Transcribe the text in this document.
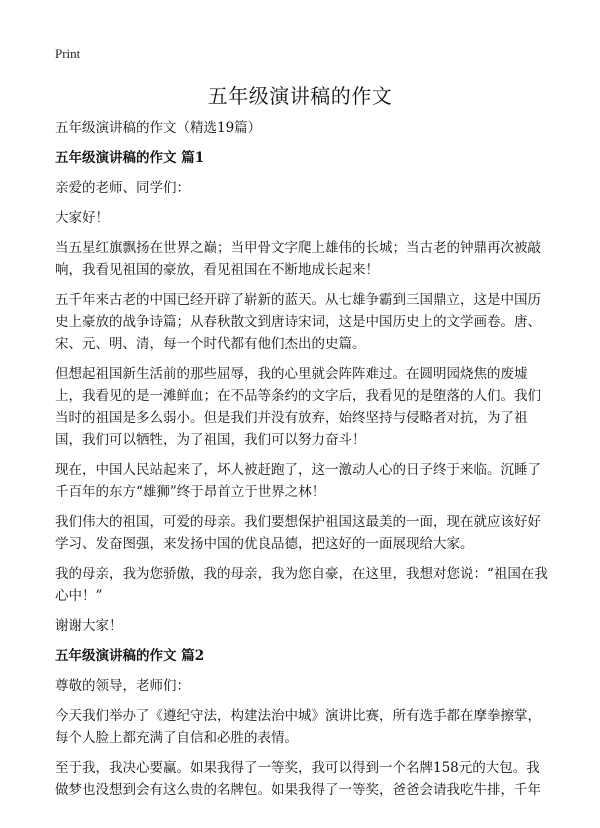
Print
五年级演讲稿的作文

五年级演讲稿的作文（精选19篇）

五年级演讲稿的作文 篇1

亲爱的老师、同学们：

大家好！

当五星红旗飘扬在世界之巅；当甲骨文字爬上雄伟的长城；当古老的钟鼎再次被敲响，我看见祖国的豪放，看见祖国在不断地成长起来！

五千年来古老的中国已经开辟了崭新的蓝天。从七雄争霸到三国鼎立，这是中国历史上豪放的战争诗篇；从春秋散文到唐诗宋词，这是中国历史上的文学画卷。唐、宋、元、明、清，每一个时代都有他们杰出的史篇。

但想起祖国新生活前的那些屈辱，我的心里就会阵阵难过。在圆明园烧焦的废墟上，我看见的是一滩鲜血；在不品等条约的文字后，我看见的是堕落的人们。我们当时的祖国是多么弱小。但是我们并没有放弃，始终坚持与侵略者对抗，为了祖国，我们可以牺牲，为了祖国，我们可以努力奋斗！

现在，中国人民站起来了，坏人被赶跑了，这一激动人心的日子终于来临。沉睡了千百年的东方“雄狮”终于昂首立于世界之林！

我们伟大的祖国，可爱的母亲。我们要想保护祖国这最美的一面，现在就应该好好学习、发奋图强，来发扬中国的优良品德，把这好的一面展现给大家。

我的母亲，我为您骄傲，我的母亲，我为您自豪，在这里，我想对您说：“祖国在我心中！”

谢谢大家！

五年级演讲稿的作文 篇2

尊敬的领导，老师们：

今天我们举办了《遵纪守法，构建法治中城》演讲比赛，所有选手都在摩拳擦掌，每个人脸上都充满了自信和必胜的表情。

至于我，我决心要赢。如果我得了一等奖，我可以得到一个名牌158元的大包。我做梦也没想到会有这么贵的名牌包。如果我得了一等奖，爸爸会请我吃牛排，千年
